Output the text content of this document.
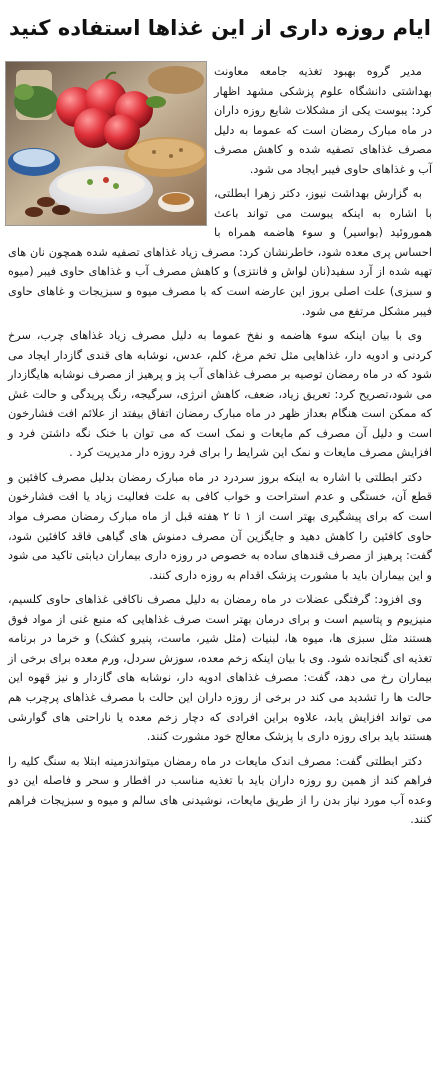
ایام روزه داری از این غذاها استفاده کنید

مدیر گروه بهبود تغذیه جامعه معاونت بهداشتی دانشگاه علوم پزشکی مشهد اظهار کرد: یبوست یکی از مشکلات شایع روزه داران در ماه مبارک رمضان است که عموما به دلیل مصرف غذاهای تصفیه شده و کاهش مصرف آب و غذاهای حاوی فیبر ایجاد می شود.

به گزارش بهداشت نیوز، دکتر زهرا ابطلتی، با اشاره به اینکه یبوست می تواند باعث هموروئید (بواسیر) و سوء هاضمه همراه با احساس پری معده شود، خاطرنشان کرد: مصرف زیاد غذاهای تصفیه شده همچون نان های تهیه شده از آرد سفید(نان لواش و فانتزی) و کاهش مصرف آب و غذاهای حاوی فیبر (میوه و سبزی) علت اصلی بروز این عارضه است که با مصرف میوه و سبزیجات و غاهای حاوی فیبر مشکل مرتفع می شود.

وی با بیان اینکه سوء هاضمه و نفخ عموما به دلیل مصرف زیاد غذاهای چرب، سرخ کردنی و ادویه دار، غذاهایی مثل تخم مرغ، کلم، عدس، نوشابه های قندی گازدار ایجاد می شود که در ماه رمضان توصیه بر مصرف غذاهای آب پز و پرهیز از مصرف نوشابه هایگازدار می شود،تصریح کرد: تعریق زیاد، ضعف، کاهش انرژی، سرگیجه، رنگ پریدگی و حالت غش که ممکن است هنگام بعداز ظهر در ماه مبارک رمضان اتفاق بیفتد از علائم افت فشارخون است و دلیل آن مصرف کم مایعات و نمک است که می توان با خنک نگه داشتن فرد و افزایش مصرف مایعات و نمک این شرایط را برای فرد روزه دار مدیریت کرد .

دکتر ابطلتی با اشاره به اینکه بروز سردرد در ماه مبارک رمضان بدلیل مصرف کافئین و قطع آن، خستگی و عدم استراحت و خواب کافی به علت فعالیت زیاد یا افت فشارخون است که برای پیشگیری بهتر است از ۱ تا ۲ هفته قبل از ماه مبارک رمضان مصرف مواد حاوی کافئین را کاهش دهید و جایگزین آن مصرف دمنوش های گیاهی فاقد کافئین شود، گفت: پرهیز از مصرف قندهای ساده به خصوص در روزه داری بیماران دیابتی تاکید می شود و این بیماران باید با مشورت پزشک اقدام به روزه داری کنند.

وی افزود: گرفتگی عضلات در ماه رمضان به دلیل مصرف ناکافی غذاهای حاوی کلسیم، منیزیوم و پتاسیم است و برای درمان بهتر است صرف غذاهایی که منبع غنی از مواد فوق هستند مثل سبزی ها، میوه ها، لبنیات (مثل شیر، ماست، پنیرو کشک) و خرما در برنامه تغذیه ای گنجانده شود. وی با بیان اینکه زخم معده، سوزش سردل، ورم معده برای برخی از بیماران رخ می دهد، گفت: مصرف غذاهای ادویه دار، نوشابه های گازدار و نیز قهوه این حالت ها را تشدید می کند در برخی از روزه داران این حالت با مصرف غذاهای پرچرب هم می تواند افزایش یابد، علاوه براین افرادی که دچار زخم معده یا ناراحتی های گوارشی هستند باید برای روزه داری با پزشک معالج خود مشورت کنند.

دکتر ابطلتی گفت: مصرف اندک مایعات در ماه رمضان میتواندزمینه ابتلا به سنگ کلیه را فراهم کند از همین رو روزه داران باید با تغذیه مناسب در افطار و سحر و فاصله این دو وعده آب مورد نیاز بدن را از طریق مایعات، نوشیدنی های سالم و میوه و سبزیجات فراهم کنند.
